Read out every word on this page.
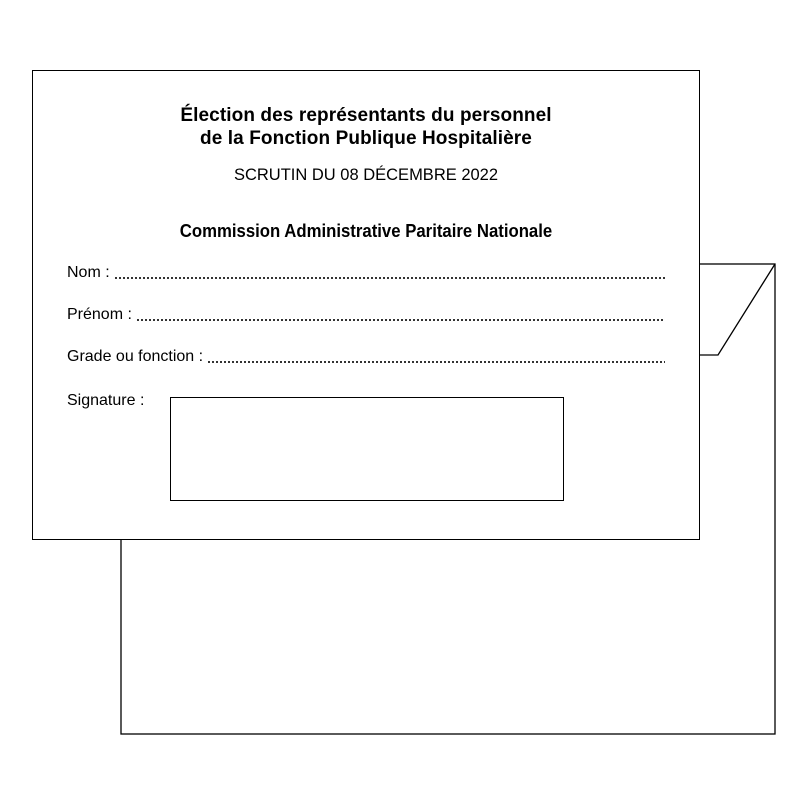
Élection des représentants du personnel
de la Fonction Publique Hospitalière
SCRUTIN DU 08 DÉCEMBRE 2022
Commission Administrative Paritaire Nationale
Nom :
Prénom :
Grade ou fonction :
Signature :
